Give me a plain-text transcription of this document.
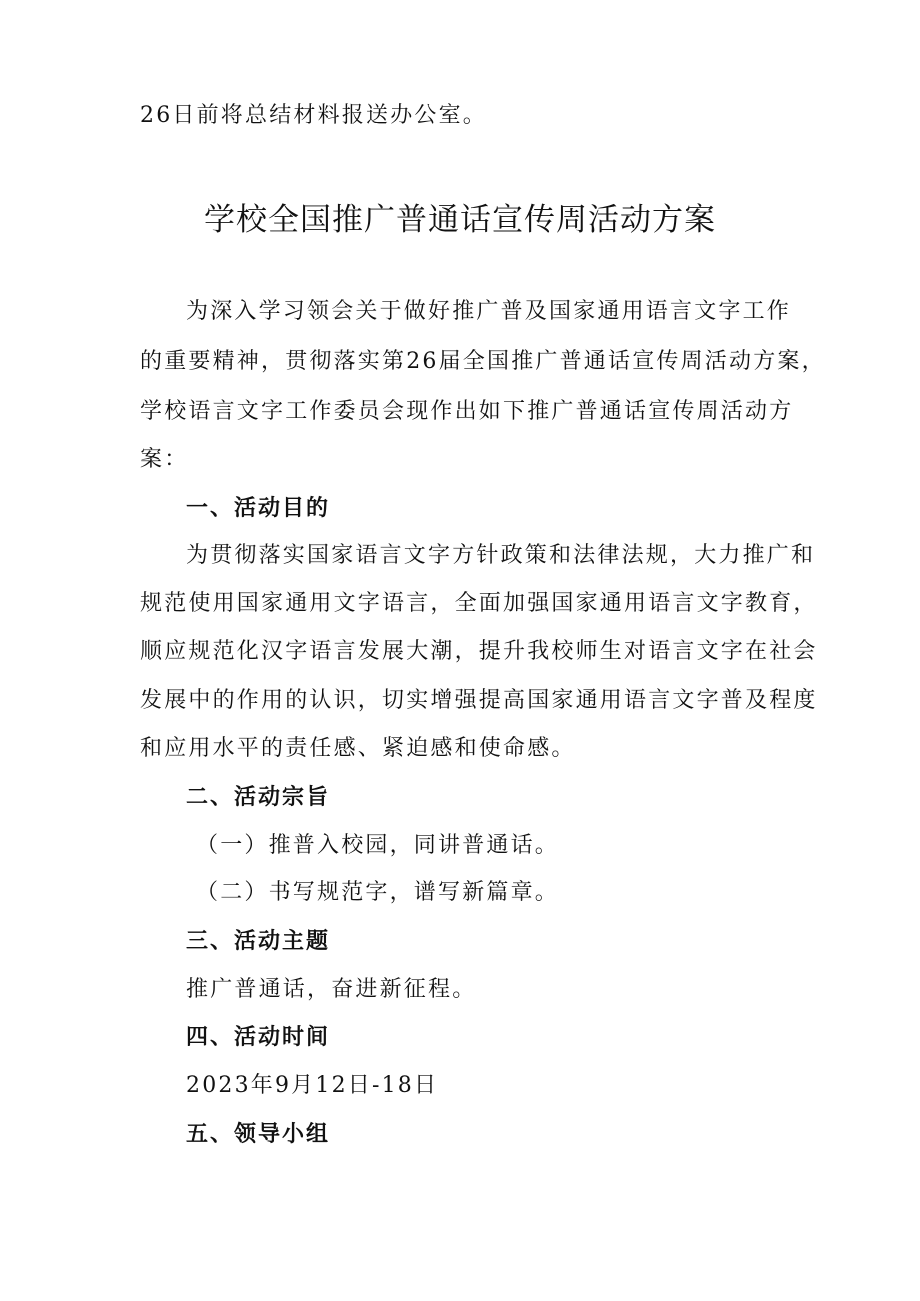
26日前将总结材料报送办公室。
学校全国推广普通话宣传周活动方案
为深入学习领会关于做好推广普及国家通用语言文字工作
的重要精神，贯彻落实第26届全国推广普通话宣传周活动方案，
学校语言文字工作委员会现作出如下推广普通话宣传周活动方
案：
一、活动目的
为贯彻落实国家语言文字方针政策和法律法规，大力推广和
规范使用国家通用文字语言，全面加强国家通用语言文字教育，
顺应规范化汉字语言发展大潮，提升我校师生对语言文字在社会
发展中的作用的认识，切实增强提高国家通用语言文字普及程度
和应用水平的责任感、紧迫感和使命感。
二、活动宗旨
（一）推普入校园，同讲普通话。
（二）书写规范字，谱写新篇章。
三、活动主题
推广普通话，奋进新征程。
四、活动时间
2023年9月12日-18日
五、领导小组
